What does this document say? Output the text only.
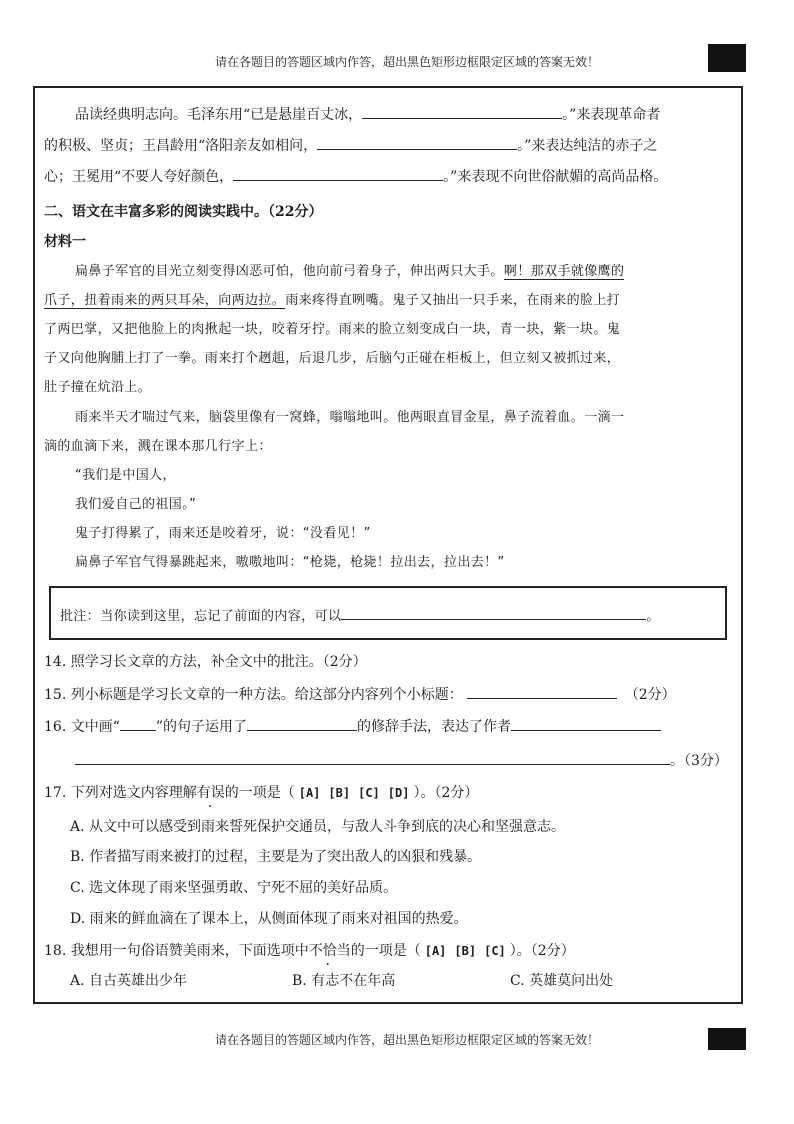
请在各题目的答题区域内作答，超出黑色矩形边框限定区域的答案无效！
品读经典明志向。毛泽东用“已是悬崖百丈冰，	。”来表现革命者
的积极、坚贞；王昌龄用“洛阳亲友如相问，	。”来表达纯洁的赤子之
心；王冕用“不要人夸好颜色，	。”来表现不向世俗献媚的高尚品格。
二、语文在丰富多彩的阅读实践中。（22分）
材料一
扁鼻子军官的目光立刻变得凶恶可怕，他向前弓着身子，伸出两只大手。啊！那双手就像鹰的
爪子，扭着雨来的两只耳朵，向两边拉。雨来疼得直咧嘴。鬼子又抽出一只手来，在雨来的脸上打
了两巴掌，又把他脸上的肉揪起一块，咬着牙拧。雨来的脸立刻变成白一块，青一块，紫一块。鬼
子又向他胸脯上打了一拳。雨来打个趔趄，后退几步，后脑勺正碰在柜板上，但立刻又被抓过来，
肚子撞在炕沿上。
雨来半天才喘过气来，脑袋里像有一窝蜂，嗡嗡地叫。他两眼直冒金星，鼻子流着血。一滴一
滴的血滴下来，溅在课本那几行字上：
“我们是中国人，
我们爱自己的祖国。”
鬼子打得累了，雨来还是咬着牙，说：“没看见！”
扁鼻子军官气得暴跳起来，嗷嗷地叫：“枪毙，枪毙！拉出去，拉出去！”
批注：当你读到这里，忘记了前面的内容，可以	。
14. 照学习长文章的方法，补全文中的批注。（2分）
15. 列小标题是学习长文章的一种方法。给这部分内容列个小标题：	（2分）
16. 文中画“	”的句子运用了	的修辞手法，表达了作者
。（3分）
17. 下列对选文内容理解有误的一项是（ [A] [B] [C] [D] ）。（2分）
A. 从文中可以感受到雨来誓死保护交通员，与敌人斗争到底的决心和坚强意志。
B. 作者描写雨来被打的过程，主要是为了突出敌人的凶狠和残暴。
C. 选文体现了雨来坚强勇敢、宁死不屈的美好品质。
D. 雨来的鲜血滴在了课本上，从侧面体现了雨来对祖国的热爱。
18. 我想用一句俗语赞美雨来，下面选项中不恰当的一项是（ [A] [B] [C] ）。（2分）
A. 自古英雄出少年	B. 有志不在年高	C. 英雄莫问出处
请在各题目的答题区域内作答，超出黑色矩形边框限定区域的答案无效！
